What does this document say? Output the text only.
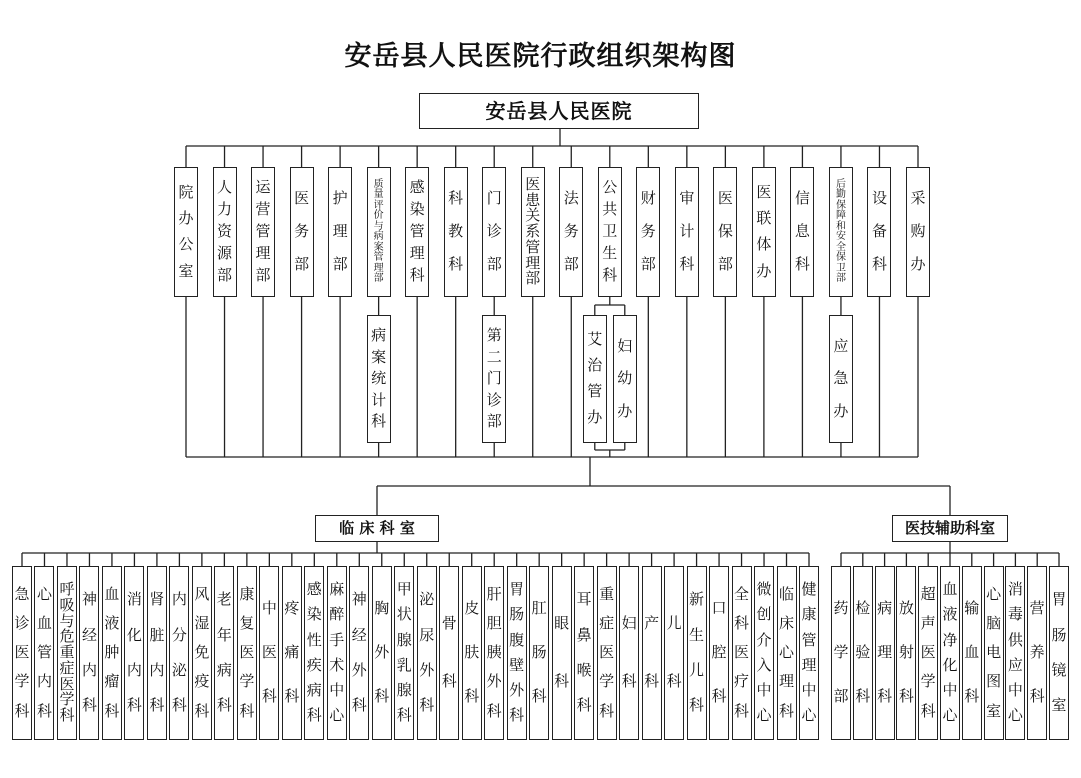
安岳县人民医院行政组织架构图
安岳县人民医院
院
办
公
室
人
力
资
源
部
运
营
管
理
部
医
务
部
护
理
部
质
量
评
价
与
病
案
管
理
部
病
案
统
计
科
感
染
管
理
科
科
教
科
门
诊
部
第
二
门
诊
部
医
患
关
系
管
理
部
法
务
部
公
共
卫
生
科
艾
治
管
办
妇
幼
办
财
务
部
审
计
科
医
保
部
医
联
体
办
信
息
科
后
勤
保
障
和
安
全
保
卫
部
应
急
办
设
备
科
采
购
办
临 床 科 室	医技辅助科室
急
诊
医
学
科
心
血
管
内
科
呼
吸
与
危
重
症
医
学
科
神
经
内
科
血
液
肿
瘤
科
消
化
内
科
肾
脏
内
科
内
分
泌
科
风
湿
免
疫
科
老
年
病
科
康
复
医
学
科
中
医
科
疼
痛
科
感
染
性
疾
病
科
麻
醉
手
术
中
心
神
经
外
科
胸
外
科
甲
状
腺
乳
腺
科
泌
尿
外
科
骨
科
皮
肤
科
肝
胆
胰
外
科
胃
肠
腹
壁
外
科
肛
肠
科
眼
科
耳
鼻
喉
科
重
症
医
学
科
妇
科
产
科
儿
科
新
生
儿
科
口
腔
科
全
科
医
疗
科
微
创
介
入
中
心
临
床
心
理
科
健
康
管
理
中
心
药
学
部
检
验
科
病
理
科
放
射
科
超
声
医
学
科
血
液
净
化
中
心
输
血
科
心
脑
电
图
室
消
毒
供
应
中
心
营
养
科
胃
肠
镜
室
